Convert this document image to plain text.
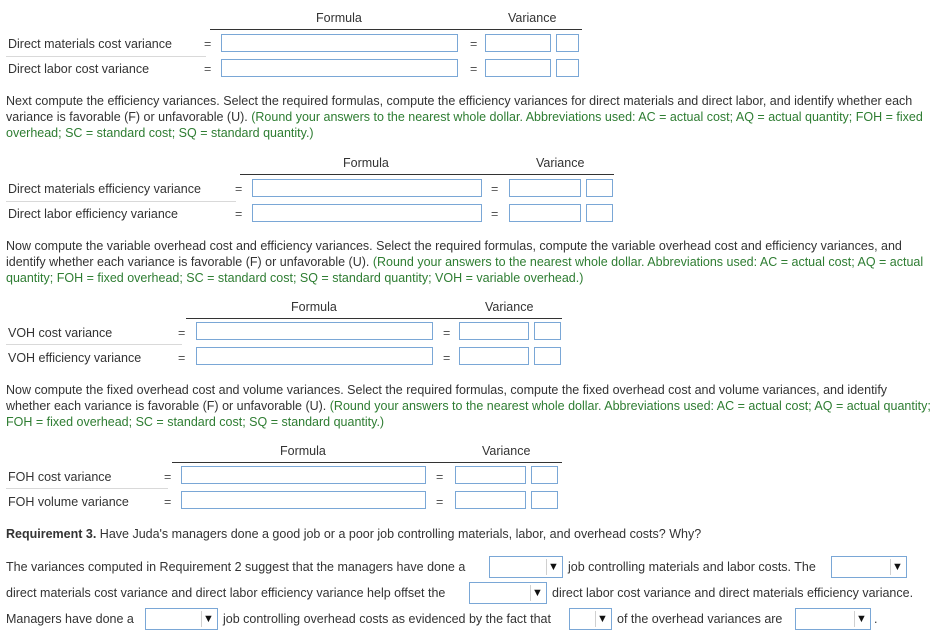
Formula	Variance
Direct materials cost variance	=	=
Direct labor cost variance	=	=
Next compute the efficiency variances. Select the required formulas, compute the efficiency variances for direct materials and direct labor, and identify whether each variance is favorable (F) or unfavorable (U). (Round your answers to the nearest whole dollar. Abbreviations used: AC = actual cost; AQ = actual quantity; FOH = fixed overhead; SC = standard cost; SQ = standard quantity.)
Formula	Variance
Direct materials efficiency variance	=	=
Direct labor efficiency variance	=	=
Now compute the variable overhead cost and efficiency variances. Select the required formulas, compute the variable overhead cost and efficiency variances, and identify whether each variance is favorable (F) or unfavorable (U). (Round your answers to the nearest whole dollar. Abbreviations used: AC = actual cost; AQ = actual quantity; FOH = fixed overhead; SC = standard cost; SQ = standard quantity; VOH = variable overhead.)
Formula	Variance
VOH cost variance	=	=
VOH efficiency variance	=	=
Now compute the fixed overhead cost and volume variances. Select the required formulas, compute the fixed overhead cost and volume variances, and identify whether each variance is favorable (F) or unfavorable (U). (Round your answers to the nearest whole dollar. Abbreviations used: AC = actual cost; AQ = actual quantity; FOH = fixed overhead; SC = standard cost; SQ = standard quantity.)
Formula	Variance
FOH cost variance	=	=
FOH volume variance	=	=
Requirement 3. Have Juda's managers done a good job or a poor job controlling materials, labor, and overhead costs? Why?
The variances computed in Requirement 2 suggest that the managers have done a	▼ job controlling materials and labor costs. The	▼
direct materials cost variance and direct labor efficiency variance help offset the	▼ direct labor cost variance and direct materials efficiency variance.
Managers have done a	▼ job controlling overhead costs as evidenced by the fact that	▼ of the overhead variances are	▼ .
